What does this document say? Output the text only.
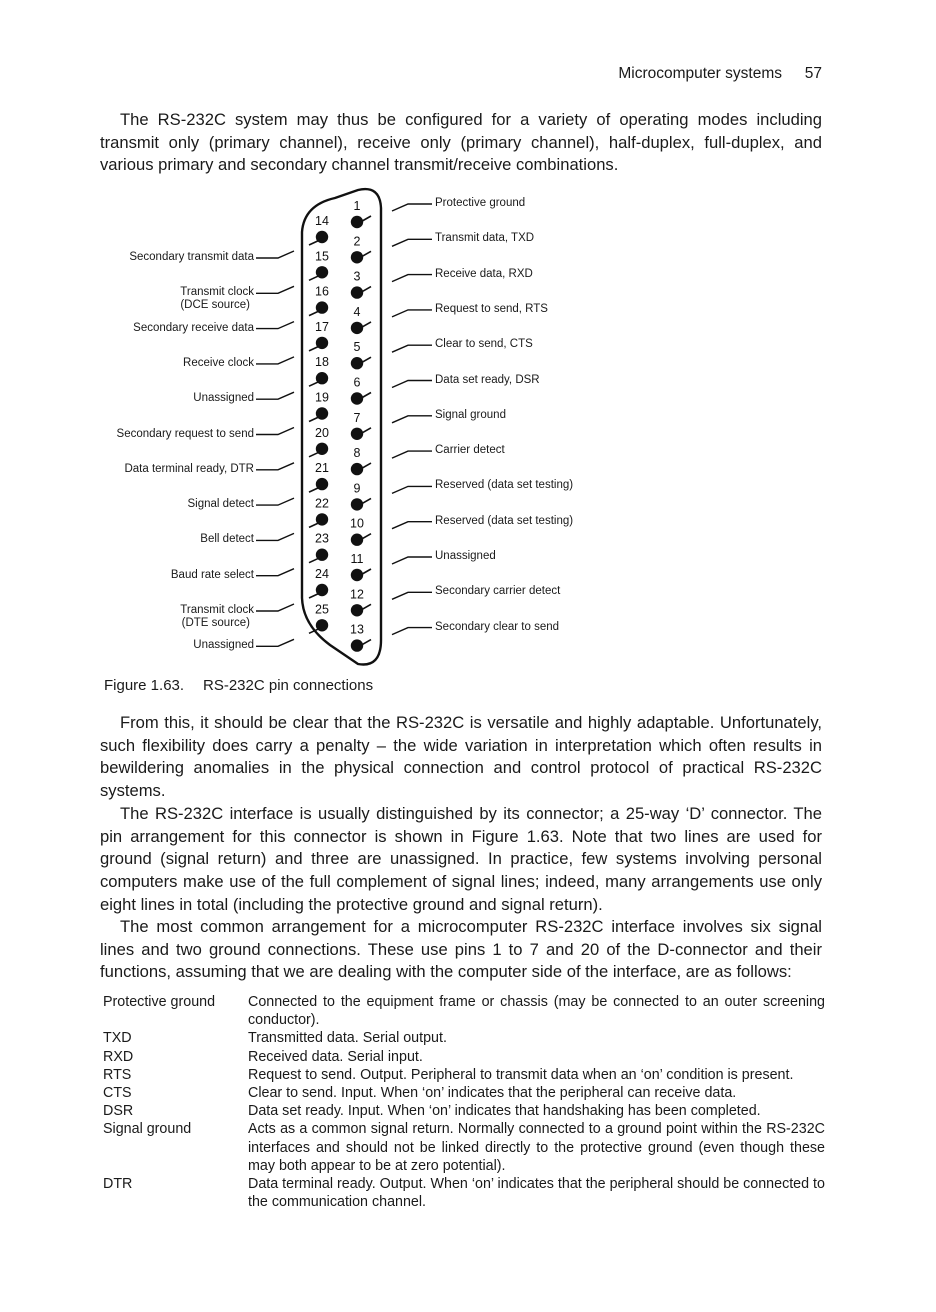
Microcomputer systems 57

The RS-232C system may thus be configured for a variety of operating modes including transmit only (primary channel), receive only (primary channel), half-duplex, full-duplex, and various primary and secondary channel transmit/receive combinations.

1
2
3
4
5
6
7
8
9
10
11
12
13
14
15
16
17
18
19
20
21
22
23
24
25
Protective ground
Transmit data, TXD
Receive data, RXD
Request to send, RTS
Clear to send, CTS
Data set ready, DSR
Signal ground
Carrier detect
Reserved (data set testing)
Reserved (data set testing)
Unassigned
Secondary carrier detect
Secondary clear to send
Secondary transmit data
Transmit clock
(DCE source)
Secondary receive data
Receive clock
Unassigned
Secondary request to send
Data terminal ready, DTR
Signal detect
Bell detect
Baud rate select
Transmit clock
(DTE source)
Unassigned
Figure 1.63. RS-232C pin connections

From this, it should be clear that the RS-232C is versatile and highly adaptable. Unfortunately, such flexibility does carry a penalty – the wide variation in interpretation which often results in bewildering anomalies in the physical connection and control protocol of practical RS-232C systems.

The RS-232C interface is usually distinguished by its connector; a 25-way ‘D’ connector. The pin arrangement for this connector is shown in Figure 1.63. Note that two lines are used for ground (signal return) and three are unassigned. In practice, few systems involving personal computers make use of the full complement of signal lines; indeed, many arrangements use only eight lines in total (including the protective ground and signal return).

The most common arrangement for a microcomputer RS-232C interface involves six signal lines and two ground connections. These use pins 1 to 7 and 20 of the D-connector and their functions, assuming that we are dealing with the computer side of the interface, are as follows:

Protective ground	Connected to the equipment frame or chassis (may be connected to an outer screening conductor).
TXD	Transmitted data. Serial output.
RXD	Received data. Serial input.
RTS	Request to send. Output. Peripheral to transmit data when an ‘on’ condition is present.
CTS	Clear to send. Input. When ‘on’ indicates that the peripheral can receive data.
DSR	Data set ready. Input. When ‘on’ indicates that handshaking has been completed.
Signal ground	Acts as a common signal return. Normally connected to a ground point within the RS-232C interfaces and should not be linked directly to the protective ground (even though these may both appear to be at zero potential).
DTR	Data terminal ready. Output. When ‘on’ indicates that the peripheral should be connected to the communication channel.
